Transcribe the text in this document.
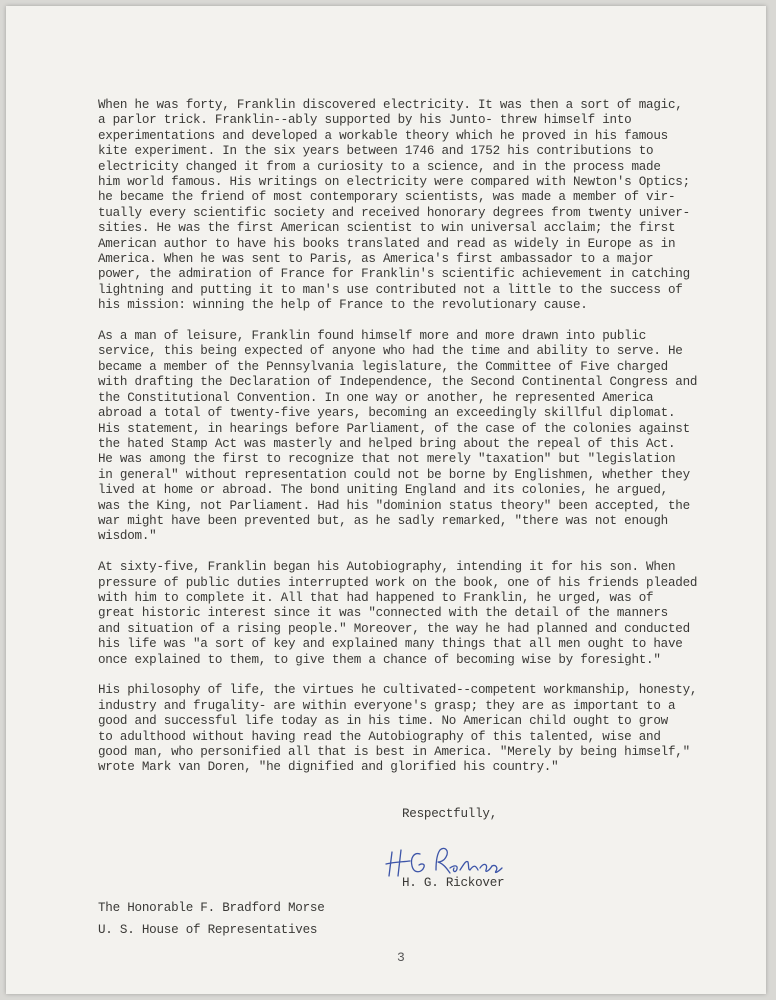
When he was forty, Franklin discovered electricity. It was then a sort of magic,
a parlor trick. Franklin--ably supported by his Junto- threw himself into
experimentations and developed a workable theory which he proved in his famous
kite experiment. In the six years between 1746 and 1752 his contributions to
electricity changed it from a curiosity to a science, and in the process made
him world famous. His writings on electricity were compared with Newton's Optics;
he became the friend of most contemporary scientists, was made a member of vir-
tually every scientific society and received honorary degrees from twenty univer-
sities. He was the first American scientist to win universal acclaim; the first
American author to have his books translated and read as widely in Europe as in
America. When he was sent to Paris, as America's first ambassador to a major
power, the admiration of France for Franklin's scientific achievement in catching
lightning and putting it to man's use contributed not a little to the success of
his mission: winning the help of France to the revolutionary cause.

As a man of leisure, Franklin found himself more and more drawn into public
service, this being expected of anyone who had the time and ability to serve. He
became a member of the Pennsylvania legislature, the Committee of Five charged
with drafting the Declaration of Independence, the Second Continental Congress and
the Constitutional Convention. In one way or another, he represented America
abroad a total of twenty-five years, becoming an exceedingly skillful diplomat.
His statement, in hearings before Parliament, of the case of the colonies against
the hated Stamp Act was masterly and helped bring about the repeal of this Act.
He was among the first to recognize that not merely "taxation" but "legislation
in general" without representation could not be borne by Englishmen, whether they
lived at home or abroad. The bond uniting England and its colonies, he argued,
was the King, not Parliament. Had his "dominion status theory" been accepted, the
war might have been prevented but, as he sadly remarked, "there was not enough
wisdom."

At sixty-five, Franklin began his Autobiography, intending it for his son. When
pressure of public duties interrupted work on the book, one of his friends pleaded
with him to complete it. All that had happened to Franklin, he urged, was of
great historic interest since it was "connected with the detail of the manners
and situation of a rising people." Moreover, the way he had planned and conducted
his life was "a sort of key and explained many things that all men ought to have
once explained to them, to give them a chance of becoming wise by foresight."

His philosophy of life, the virtues he cultivated--competent workmanship, honesty,
industry and frugality- are within everyone's grasp; they are as important to a
good and successful life today as in his time. No American child ought to grow
to adulthood without having read the Autobiography of this talented, wise and
good man, who personified all that is best in America. "Merely by being himself,"
wrote Mark van Doren, "he dignified and glorified his country."

Respectfully,
H. G. Rickover
The Honorable F. Bradford Morse
U. S. House of Representatives
3
